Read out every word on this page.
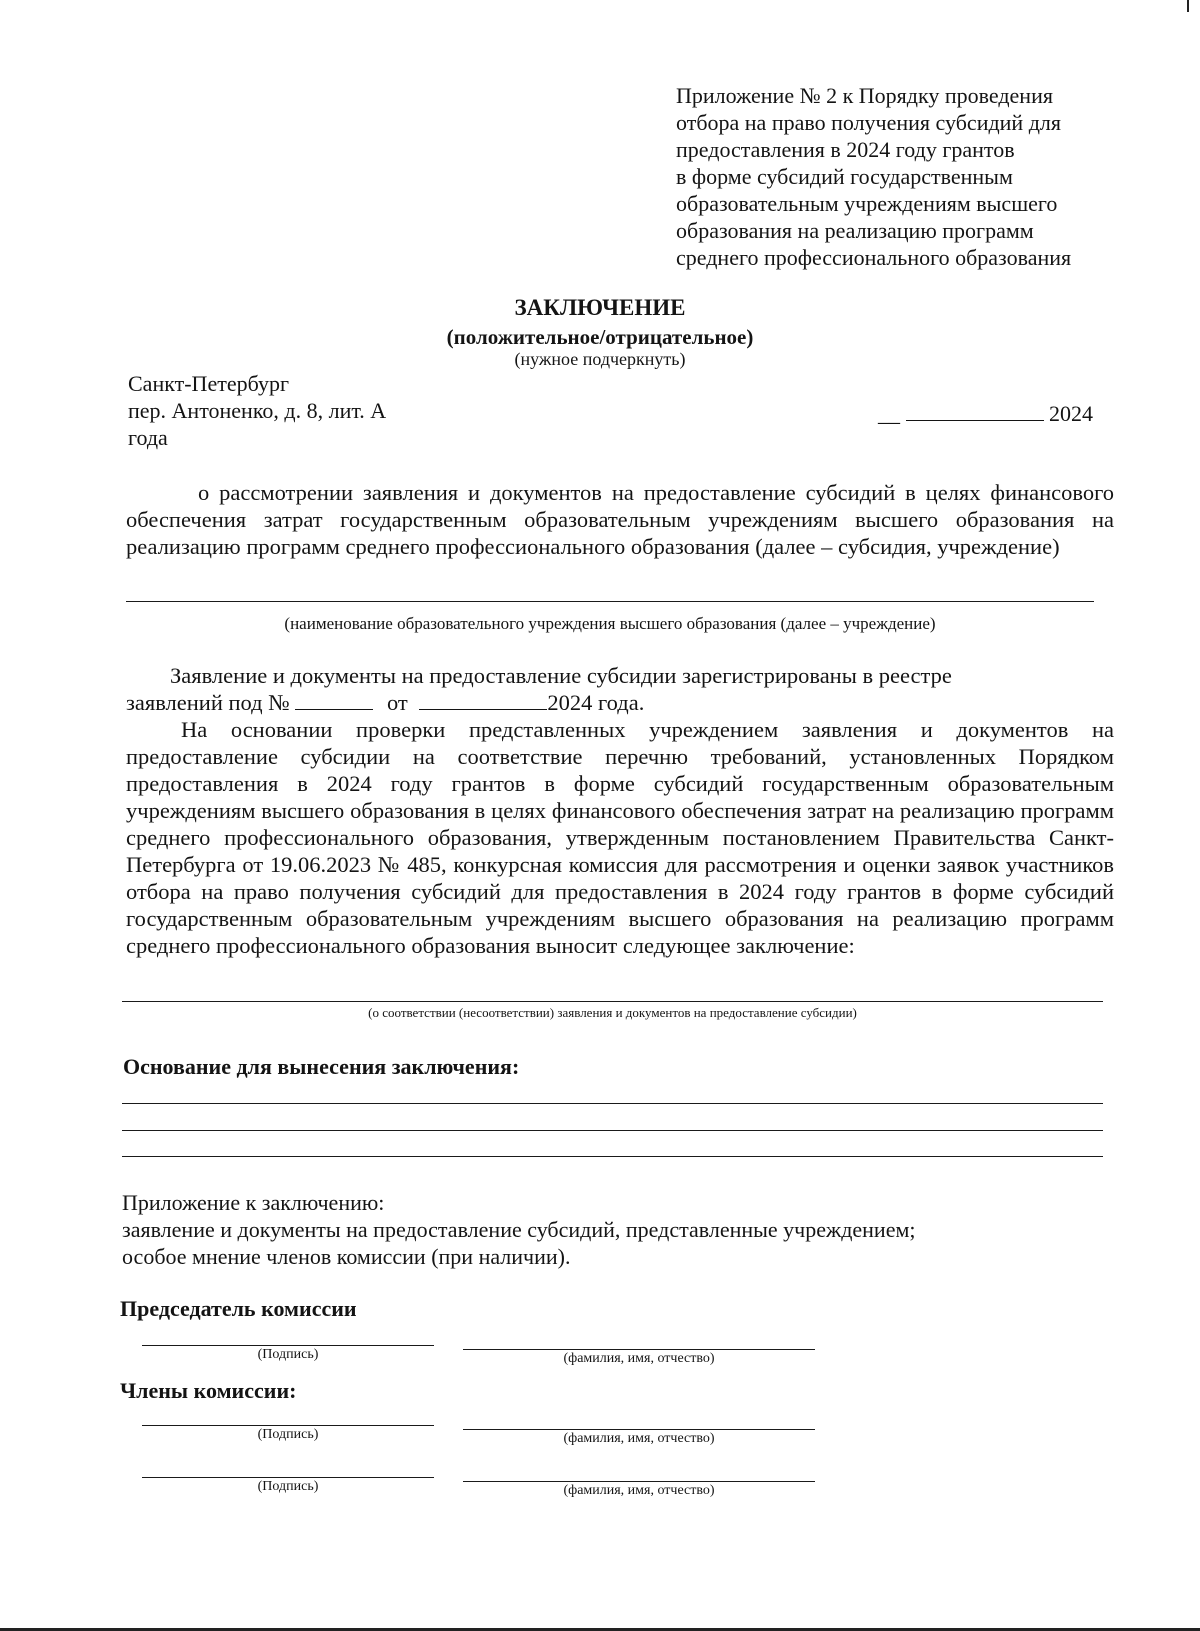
Приложение № 2 к Порядку проведения
отбора на право получения субсидий для
предоставления в 2024 году грантов
в форме субсидий государственным
образовательным учреждениям высшего
образования на реализацию программ
среднего профессионального образования
ЗАКЛЮЧЕНИЕ
(положительное/отрицательное)
(нужное подчеркнуть)
Санкт-Петербург
пер. Антоненко, д. 8, лит. А
года
__	2024
о рассмотрении заявления и документов на предоставление субсидий в целях финансового обеспечения затрат государственным образовательным учреждениям высшего образования на реализацию программ среднего профессионального образования (далее – субсидия, учреждение)
(наименование образовательного учреждения высшего образования (далее – учреждение)
Заявление и документы на предоставление субсидии зарегистрированы в реестре
заявлений под №	от	2024 года.
На основании проверки представленных учреждением заявления и документов на предоставление субсидии на соответствие перечню требований, установленных Порядком предоставления в 2024 году грантов в форме субсидий государственным образовательным учреждениям высшего образования в целях финансового обеспечения затрат на реализацию программ среднего профессионального образования, утвержденным постановлением Правительства Санкт-Петербурга от 19.06.2023 № 485, конкурсная комиссия для рассмотрения и оценки заявок участников отбора на право получения субсидий для предоставления в 2024 году грантов в форме субсидий государственным образовательным учреждениям высшего образования на реализацию программ среднего профессионального образования выносит следующее заключение:
(о соответствии (несоответствии) заявления и документов на предоставление субсидии)
Основание для вынесения заключения:
Приложение к заключению:
заявление и документы на предоставление субсидий, представленные учреждением;
особое мнение членов комиссии (при наличии).
Председатель комиссии
(Подпись)	(фамилия, имя, отчество)
Члены комиссии:
(Подпись)	(фамилия, имя, отчество)
(Подпись)	(фамилия, имя, отчество)
